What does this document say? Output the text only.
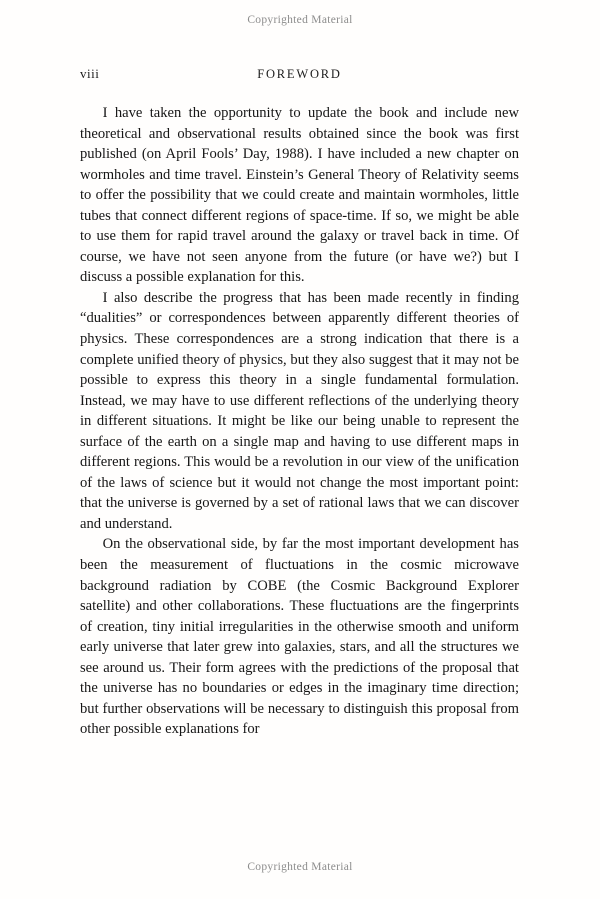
Copyrighted Material
viii	FOREWORD

I have taken the opportunity to update the book and include new theoretical and observational results obtained since the book was first published (on April Fools’ Day, 1988). I have included a new chapter on wormholes and time travel. Einstein’s General Theory of Relativity seems to offer the possibility that we could create and maintain wormholes, little tubes that connect different regions of space-time. If so, we might be able to use them for rapid travel around the galaxy or travel back in time. Of course, we have not seen anyone from the future (or have we?) but I discuss a possible explanation for this.

I also describe the progress that has been made recently in finding “dualities” or correspondences between apparently different theories of physics. These correspondences are a strong indication that there is a complete unified theory of physics, but they also suggest that it may not be possible to express this theory in a single fundamental formulation. Instead, we may have to use different reflections of the underlying theory in different situations. It might be like our being unable to represent the surface of the earth on a single map and having to use different maps in different regions. This would be a revolution in our view of the unification of the laws of science but it would not change the most important point: that the universe is governed by a set of rational laws that we can discover and understand.

On the observational side, by far the most important development has been the measurement of fluctuations in the cosmic microwave background radiation by COBE (the Cosmic Background Explorer satellite) and other collaborations. These fluctuations are the fingerprints of creation, tiny initial irregularities in the otherwise smooth and uniform early universe that later grew into galaxies, stars, and all the structures we see around us. Their form agrees with the predictions of the proposal that the universe has no boundaries or edges in the imaginary time direction; but further observations will be necessary to distinguish this proposal from other possible explanations for

Copyrighted Material
